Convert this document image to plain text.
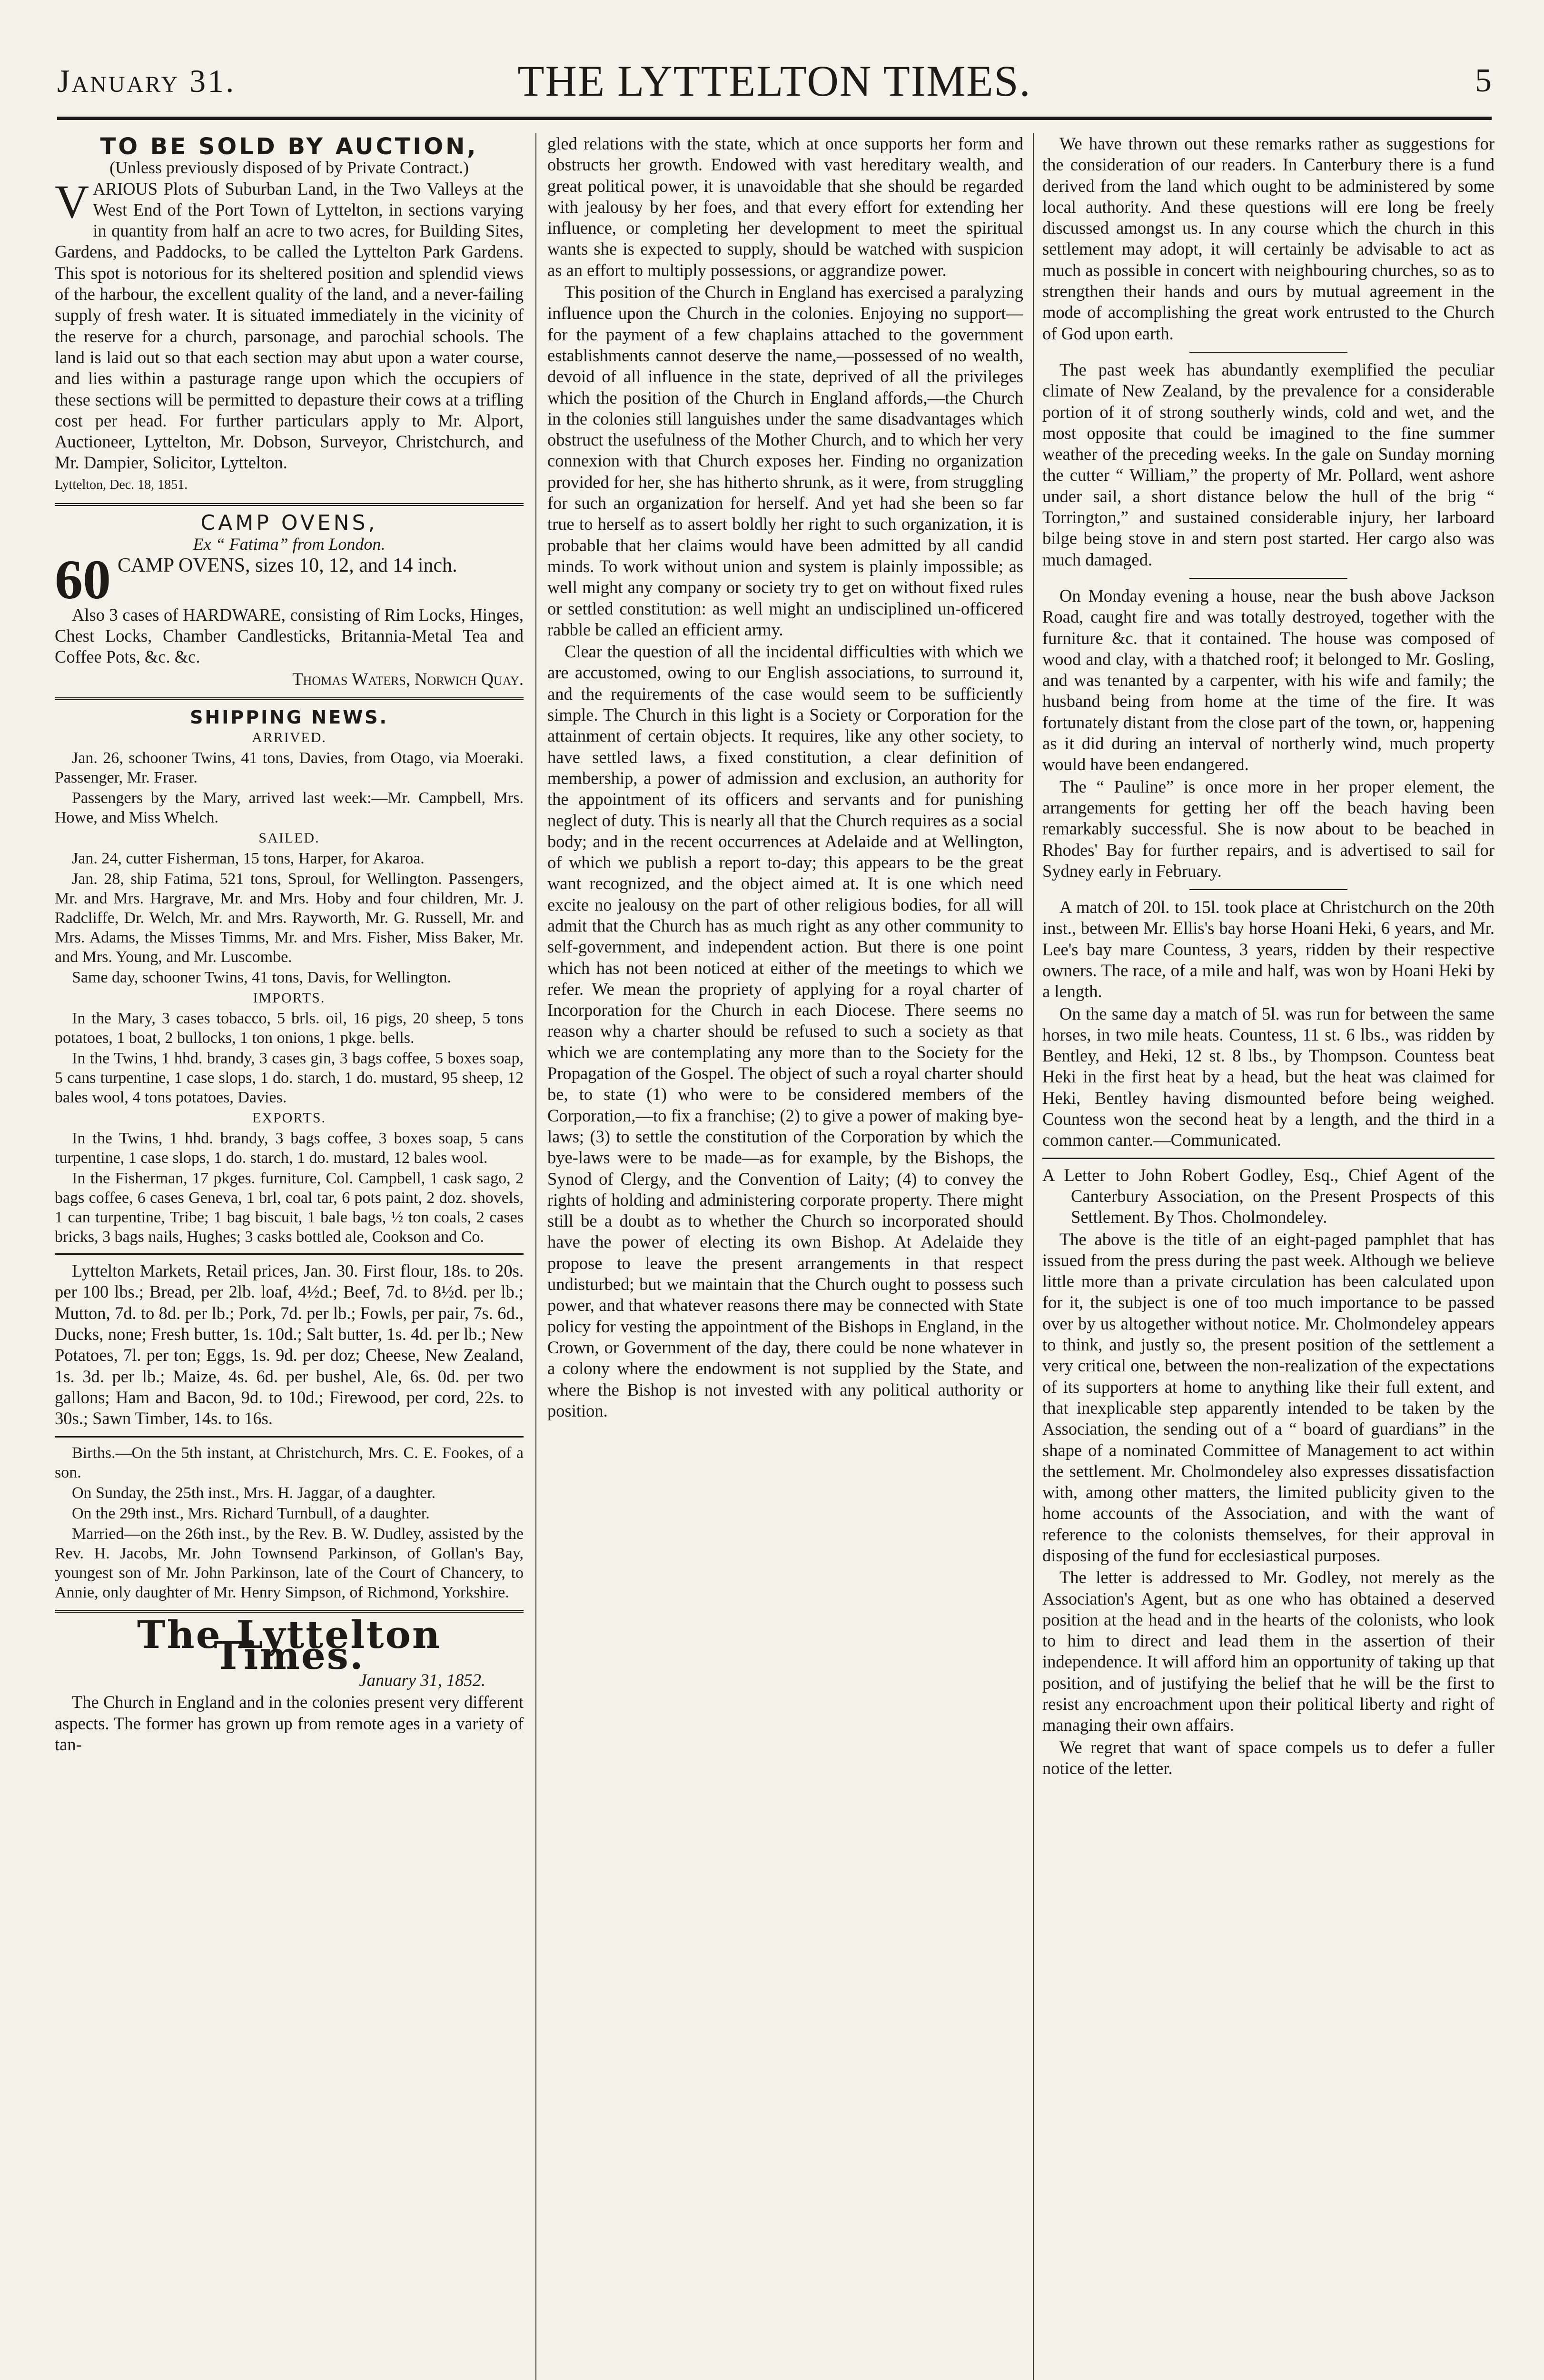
January 31.	THE LYTTELTON TIMES.	5
TO BE SOLD BY AUCTION,
(Unless previously disposed of by Private Contract.)

VARIOUS Plots of Suburban Land, in the Two Valleys at the West End of the Port Town of Lyttelton, in sections varying in quantity from half an acre to two acres, for Building Sites, Gardens, and Paddocks, to be called the Lyttelton Park Gardens. This spot is notorious for its sheltered position and splendid views of the harbour, the excellent quality of the land, and a never-failing supply of fresh water. It is situated immediately in the vicinity of the reserve for a church, parsonage, and parochial schools. The land is laid out so that each section may abut upon a water course, and lies within a pasturage range upon which the occupiers of these sections will be permitted to depasture their cows at a trifling cost per head. For further particulars apply to Mr. Alport, Auctioneer, Lyttelton, Mr. Dobson, Surveyor, Christchurch, and Mr. Dampier, Solicitor, Lyttelton.

Lyttelton, Dec. 18, 1851.

CAMP OVENS,
Ex “ Fatima” from London.

60 CAMP OVENS, sizes 10, 12, and 14 inch.

Also 3 cases of HARDWARE, consisting of Rim Locks, Hinges, Chest Locks, Chamber Candlesticks, Britannia-Metal Tea and Coffee Pots, &c. &c.

Thomas Waters, Norwich Quay.

SHIPPING NEWS.

ARRIVED.

Jan. 26, schooner Twins, 41 tons, Davies, from Otago, via Moeraki. Passenger, Mr. Fraser.

Passengers by the Mary, arrived last week:—Mr. Campbell, Mrs. Howe, and Miss Whelch.

SAILED.

Jan. 24, cutter Fisherman, 15 tons, Harper, for Akaroa.

Jan. 28, ship Fatima, 521 tons, Sproul, for Wellington. Passengers, Mr. and Mrs. Hargrave, Mr. and Mrs. Hoby and four children, Mr. J. Radcliffe, Dr. Welch, Mr. and Mrs. Rayworth, Mr. G. Russell, Mr. and Mrs. Adams, the Misses Timms, Mr. and Mrs. Fisher, Miss Baker, Mr. and Mrs. Young, and Mr. Luscombe.

Same day, schooner Twins, 41 tons, Davis, for Wellington.

IMPORTS.

In the Mary, 3 cases tobacco, 5 brls. oil, 16 pigs, 20 sheep, 5 tons potatoes, 1 boat, 2 bullocks, 1 ton onions, 1 pkge. bells.

In the Twins, 1 hhd. brandy, 3 cases gin, 3 bags coffee, 5 boxes soap, 5 cans turpentine, 1 case slops, 1 do. starch, 1 do. mustard, 95 sheep, 12 bales wool, 4 tons potatoes, Davies.

EXPORTS.

In the Twins, 1 hhd. brandy, 3 bags coffee, 3 boxes soap, 5 cans turpentine, 1 case slops, 1 do. starch, 1 do. mustard, 12 bales wool.

In the Fisherman, 17 pkges. furniture, Col. Campbell, 1 cask sago, 2 bags coffee, 6 cases Geneva, 1 brl, coal tar, 6 pots paint, 2 doz. shovels, 1 can turpentine, Tribe; 1 bag biscuit, 1 bale bags, ½ ton coals, 2 cases bricks, 3 bags nails, Hughes; 3 casks bottled ale, Cookson and Co.

Lyttelton Markets, Retail prices, Jan. 30. First flour, 18s. to 20s. per 100 lbs.; Bread, per 2lb. loaf, 4½d.; Beef, 7d. to 8½d. per lb.; Mutton, 7d. to 8d. per lb.; Pork, 7d. per lb.; Fowls, per pair, 7s. 6d., Ducks, none; Fresh butter, 1s. 10d.; Salt butter, 1s. 4d. per lb.; New Potatoes, 7l. per ton; Eggs, 1s. 9d. per doz; Cheese, New Zealand, 1s. 3d. per lb.; Maize, 4s. 6d. per bushel, Ale, 6s. 0d. per two gallons; Ham and Bacon, 9d. to 10d.; Firewood, per cord, 22s. to 30s.; Sawn Timber, 14s. to 16s.

Births.—On the 5th instant, at Christchurch, Mrs. C. E. Fookes, of a son.

On Sunday, the 25th inst., Mrs. H. Jaggar, of a daughter.

On the 29th inst., Mrs. Richard Turnbull, of a daughter.

Married—on the 26th inst., by the Rev. B. W. Dudley, assisted by the Rev. H. Jacobs, Mr. John Townsend Parkinson, of Gollan's Bay, youngest son of Mr. John Parkinson, late of the Court of Chancery, to Annie, only daughter of Mr. Henry Simpson, of Richmond, Yorkshire.

The Lyttelton Times.

January 31, 1852.

The Church in England and in the colonies present very different aspects. The former has grown up from remote ages in a variety of tan-

gled relations with the state, which at once supports her form and obstructs her growth. Endowed with vast hereditary wealth, and great political power, it is unavoidable that she should be regarded with jealousy by her foes, and that every effort for extending her influence, or completing her development to meet the spiritual wants she is expected to supply, should be watched with suspicion as an effort to multiply possessions, or aggrandize power.

This position of the Church in England has exercised a paralyzing influence upon the Church in the colonies. Enjoying no support—for the payment of a few chaplains attached to the government establishments cannot deserve the name,—possessed of no wealth, devoid of all influence in the state, deprived of all the privileges which the position of the Church in England affords,—the Church in the colonies still languishes under the same disadvantages which obstruct the usefulness of the Mother Church, and to which her very connexion with that Church exposes her. Finding no organization provided for her, she has hitherto shrunk, as it were, from struggling for such an organization for herself. And yet had she been so far true to herself as to assert boldly her right to such organization, it is probable that her claims would have been admitted by all candid minds. To work without union and system is plainly impossible; as well might any company or society try to get on without fixed rules or settled constitution: as well might an undisciplined un-officered rabble be called an efficient army.

Clear the question of all the incidental difficulties with which we are accustomed, owing to our English associations, to surround it, and the requirements of the case would seem to be sufficiently simple. The Church in this light is a Society or Corporation for the attainment of certain objects. It requires, like any other society, to have settled laws, a fixed constitution, a clear definition of membership, a power of admission and exclusion, an authority for the appointment of its officers and servants and for punishing neglect of duty. This is nearly all that the Church requires as a social body; and in the recent occurrences at Adelaide and at Wellington, of which we publish a report to-day; this appears to be the great want recognized, and the object aimed at. It is one which need excite no jealousy on the part of other religious bodies, for all will admit that the Church has as much right as any other community to self-government, and independent action. But there is one point which has not been noticed at either of the meetings to which we refer. We mean the propriety of applying for a royal charter of Incorporation for the Church in each Diocese. There seems no reason why a charter should be refused to such a society as that which we are contemplating any more than to the Society for the Propagation of the Gospel. The object of such a royal charter should be, to state (1) who were to be considered members of the Corporation,—to fix a franchise; (2) to give a power of making bye-laws; (3) to settle the constitution of the Corporation by which the bye-laws were to be made—as for example, by the Bishops, the Synod of Clergy, and the Convention of Laity; (4) to convey the rights of holding and administering corporate property. There might still be a doubt as to whether the Church so incorporated should have the power of electing its own Bishop. At Adelaide they propose to leave the present arrangements in that respect undisturbed; but we maintain that the Church ought to possess such power, and that whatever reasons there may be connected with State policy for vesting the appointment of the Bishops in England, in the Crown, or Government of the day, there could be none whatever in a colony where the endowment is not supplied by the State, and where the Bishop is not invested with any political authority or position.

We have thrown out these remarks rather as suggestions for the consideration of our readers. In Canterbury there is a fund derived from the land which ought to be administered by some local authority. And these questions will ere long be freely discussed amongst us. In any course which the church in this settlement may adopt, it will certainly be advisable to act as much as possible in concert with neighbouring churches, so as to strengthen their hands and ours by mutual agreement in the mode of accomplishing the great work entrusted to the Church of God upon earth.

The past week has abundantly exemplified the peculiar climate of New Zealand, by the prevalence for a considerable portion of it of strong southerly winds, cold and wet, and the most opposite that could be imagined to the fine summer weather of the preceding weeks. In the gale on Sunday morning the cutter “ William,” the property of Mr. Pollard, went ashore under sail, a short distance below the hull of the brig “ Torrington,” and sustained considerable injury, her larboard bilge being stove in and stern post started. Her cargo also was much damaged.

On Monday evening a house, near the bush above Jackson Road, caught fire and was totally destroyed, together with the furniture &c. that it contained. The house was composed of wood and clay, with a thatched roof; it belonged to Mr. Gosling, and was tenanted by a carpenter, with his wife and family; the husband being from home at the time of the fire. It was fortunately distant from the close part of the town, or, happening as it did during an interval of northerly wind, much property would have been endangered.

The “ Pauline” is once more in her proper element, the arrangements for getting her off the beach having been remarkably successful. She is now about to be beached in Rhodes' Bay for further repairs, and is advertised to sail for Sydney early in February.

A match of 20l. to 15l. took place at Christchurch on the 20th inst., between Mr. Ellis's bay horse Hoani Heki, 6 years, and Mr. Lee's bay mare Countess, 3 years, ridden by their respective owners. The race, of a mile and half, was won by Hoani Heki by a length.

On the same day a match of 5l. was run for between the same horses, in two mile heats. Countess, 11 st. 6 lbs., was ridden by Bentley, and Heki, 12 st. 8 lbs., by Thompson. Countess beat Heki in the first heat by a head, but the heat was claimed for Heki, Bentley having dismounted before being weighed. Countess won the second heat by a length, and the third in a common canter.—Communicated.

A Letter to John Robert Godley, Esq., Chief Agent of the Canterbury Association, on the Present Prospects of this Settlement. By Thos. Cholmondeley.

The above is the title of an eight-paged pamphlet that has issued from the press during the past week. Although we believe little more than a private circulation has been calculated upon for it, the subject is one of too much importance to be passed over by us altogether without notice. Mr. Cholmondeley appears to think, and justly so, the present position of the settlement a very critical one, between the non-realization of the expectations of its supporters at home to anything like their full extent, and that inexplicable step apparently intended to be taken by the Association, the sending out of a “ board of guardians” in the shape of a nominated Committee of Management to act within the settlement. Mr. Cholmondeley also expresses dissatisfaction with, among other matters, the limited publicity given to the home accounts of the Association, and with the want of reference to the colonists themselves, for their approval in disposing of the fund for ecclesiastical purposes.

The letter is addressed to Mr. Godley, not merely as the Association's Agent, but as one who has obtained a deserved position at the head and in the hearts of the colonists, who look to him to direct and lead them in the assertion of their independence. It will afford him an opportunity of taking up that position, and of justifying the belief that he will be the first to resist any encroachment upon their political liberty and right of managing their own affairs.

We regret that want of space compels us to defer a fuller notice of the letter.
